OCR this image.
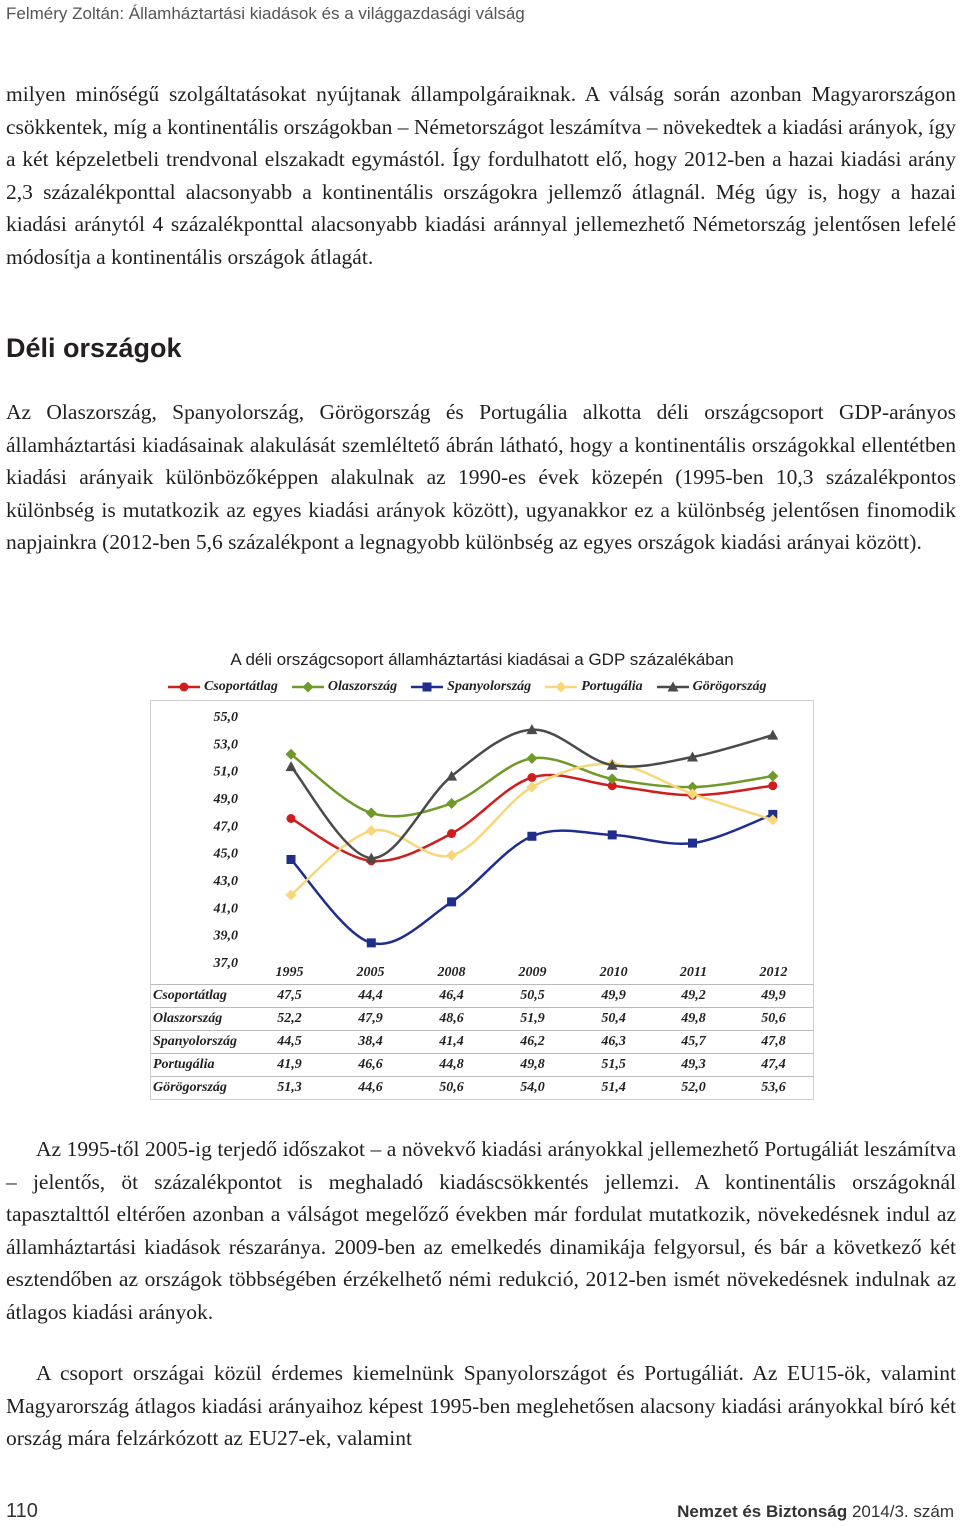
Felméry Zoltán: Államháztartási kiadások és a világgazdasági válság

milyen minőségű szolgáltatásokat nyújtanak állampolgáraiknak. A válság során azonban Magyarországon csökkentek, míg a kontinentális országokban – Németországot leszámítva – növekedtek a kiadási arányok, így a két képzeletbeli trendvonal elszakadt egymástól. Így fordulhatott elő, hogy 2012-ben a hazai kiadási arány 2,3 százalékponttal alacsonyabb a kontinentális országokra jellemző átlagnál. Még úgy is, hogy a hazai kiadási aránytól 4 százalékponttal alacsonyabb kiadási aránnyal jellemezhető Németország jelentősen lefelé módosítja a kontinentális országok átlagát.

Déli országok

Az Olaszország, Spanyolország, Görögország és Portugália alkotta déli országcsoport GDP-arányos államháztartási kiadásainak alakulását szemléltető ábrán látható, hogy a kontinentális országokkal ellentétben kiadási arányaik különbözőképpen alakulnak az 1990-es évek közepén (1995-ben 10,3 százalékpontos különbség is mutatkozik az egyes kiadási arányok között), ugyanakkor ez a különbség jelentősen finomodik napjainkra (2012-ben 5,6 százalékpont a legnagyobb különbség az egyes országok kiadási arányai között).

A déli országcsoport államháztartási kiadásai a GDP százalékában
Csoportátlag	Olaszország	Spanyolország	Portugália	Görögország
55,0
53,0
51,0
49,0
47,0
45,0
43,0
41,0
39,0
37,0
	1995	2005	2008	2009	2010	2011	2012
Csoportátlag	47,5	44,4	46,4	50,5	49,9	49,2	49,9
Olaszország	52,2	47,9	48,6	51,9	50,4	49,8	50,6
Spanyolország	44,5	38,4	41,4	46,2	46,3	45,7	47,8
Portugália	41,9	46,6	44,8	49,8	51,5	49,3	47,4
Görögország	51,3	44,6	50,6	54,0	51,4	52,0	53,6

Az 1995-től 2005-ig terjedő időszakot – a növekvő kiadási arányokkal jellemezhető Portugáliát leszámítva – jelentős, öt százalékpontot is meghaladó kiadáscsökkentés jellemzi. A kontinentális országoknál tapasztalttól eltérően azonban a válságot megelőző években már fordulat mutatkozik, növekedésnek indul az államháztartási kiadások részaránya. 2009-ben az emelkedés dinamikája felgyorsul, és bár a következő két esztendőben az országok többségében érzékelhető némi redukció, 2012-ben ismét növekedésnek indulnak az átlagos kiadási arányok.

A csoport országai közül érdemes kiemelnünk Spanyolországot és Portugáliát. Az EU15-ök, valamint Magyarország átlagos kiadási arányaihoz képest 1995-ben meglehetősen alacsony kiadási arányokkal bíró két ország mára felzárkózott az EU27-ek, valamint

110	Nemzet és Biztonság 2014/3. szám
